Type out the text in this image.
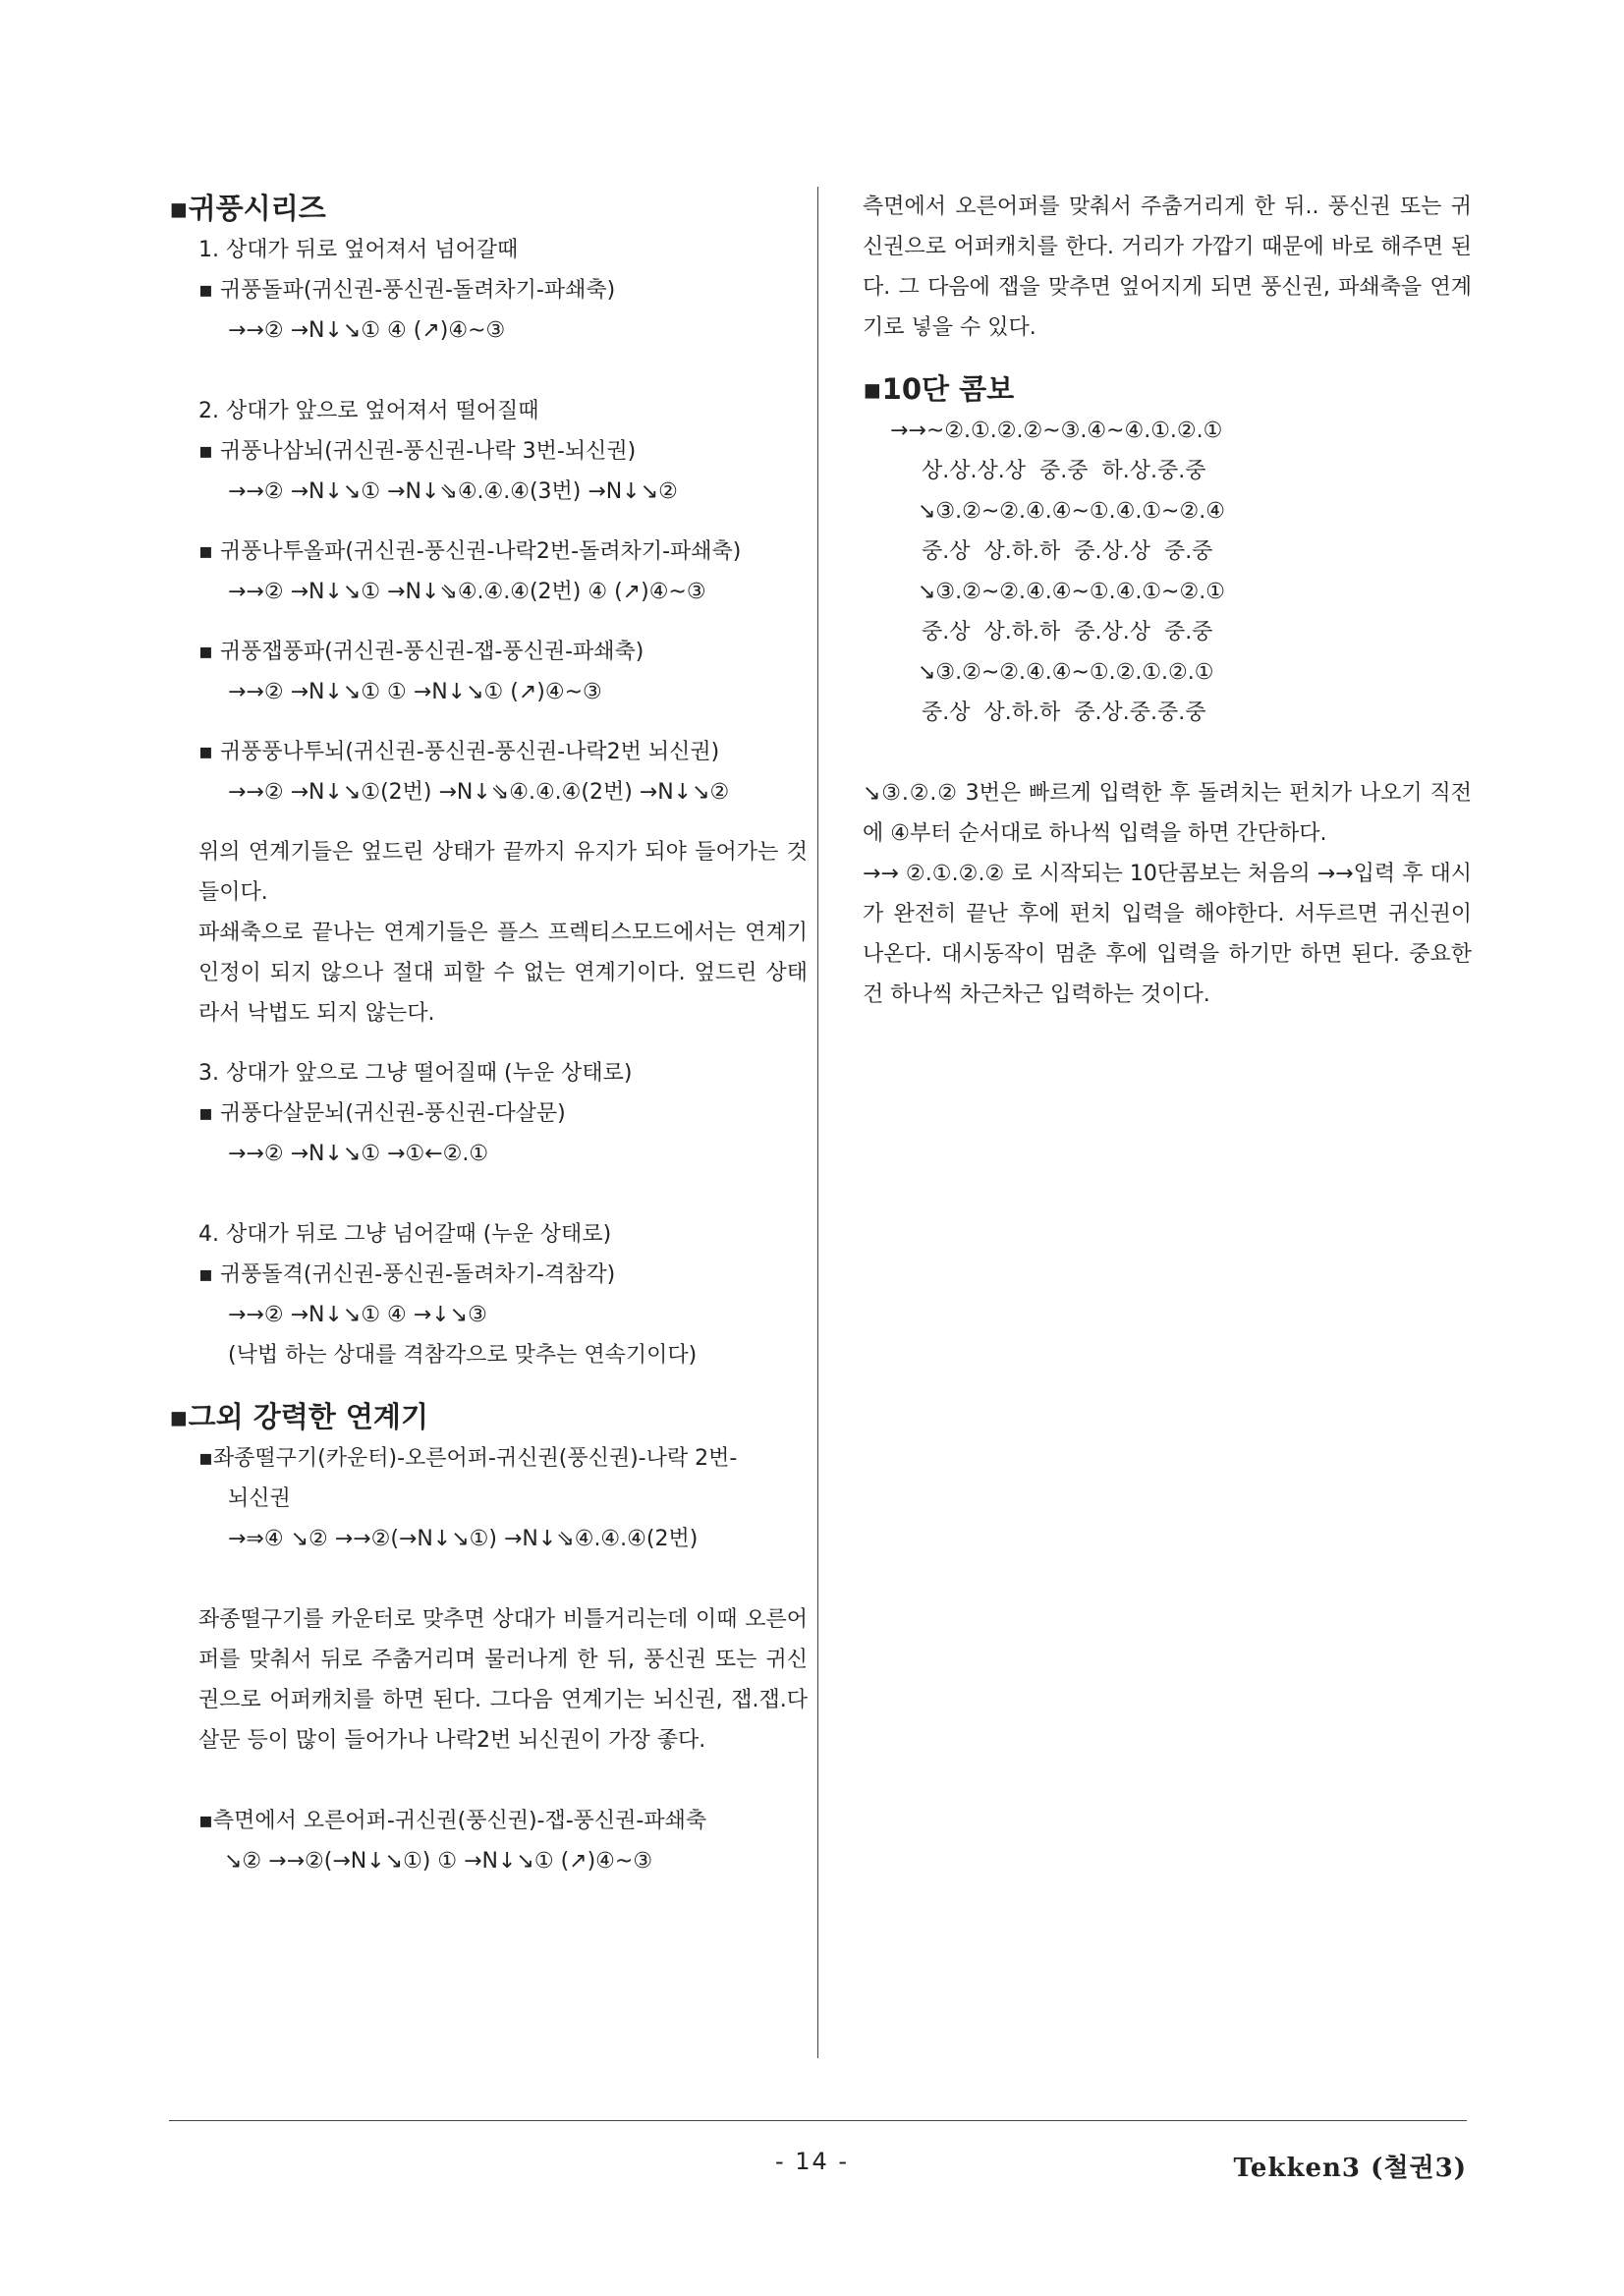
▪귀풍시리즈

1. 상대가 뒤로 엎어져서 넘어갈때

▪ 귀풍돌파(귀신권-풍신권-돌려차기-파쇄축)

→→② →N↓↘① ④ (↗)④~③

2. 상대가 앞으로 엎어져서 떨어질때

▪ 귀풍나삼뇌(귀신권-풍신권-나락 3번-뇌신권)

→→② →N↓↘① →N↓⇘④.④.④(3번) →N↓↘②

▪ 귀풍나투올파(귀신권-풍신권-나락2번-돌려차기-파쇄축)

→→② →N↓↘① →N↓⇘④.④.④(2번) ④ (↗)④~③

▪ 귀풍잽풍파(귀신권-풍신권-잽-풍신권-파쇄축)

→→② →N↓↘① ① →N↓↘① (↗)④~③

▪ 귀풍풍나투뇌(귀신권-풍신권-풍신권-나락2번 뇌신권)

→→② →N↓↘①(2번) →N↓⇘④.④.④(2번) →N↓↘②

위의 연계기들은 엎드린 상태가 끝까지 유지가 되야 들어가는 것들이다.

파쇄축으로 끝나는 연계기들은 플스 프렉티스모드에서는 연계기 인정이 되지 않으나 절대 피할 수 없는 연계기이다. 엎드린 상태라서 낙법도 되지 않는다.

3. 상대가 앞으로 그냥 떨어질때 (누운 상태로)

▪ 귀풍다살문뇌(귀신권-풍신권-다살문)

→→② →N↓↘① →①←②.①

4. 상대가 뒤로 그냥 넘어갈때 (누운 상태로)

▪ 귀풍돌격(귀신권-풍신권-돌려차기-격참각)

→→② →N↓↘① ④ →↓↘③

(낙법 하는 상대를 격참각으로 맞추는 연속기이다)

▪그외 강력한 연계기

▪좌종떨구기(카운터)-오른어퍼-귀신권(풍신권)-나락 2번-

뇌신권

→⇒④ ↘② →→②(→N↓↘①) →N↓⇘④.④.④(2번)

좌종떨구기를 카운터로 맞추면 상대가 비틀거리는데 이때 오른어퍼를 맞춰서 뒤로 주춤거리며 물러나게 한 뒤, 풍신권 또는 귀신권으로 어퍼캐치를 하면 된다. 그다음 연계기는 뇌신권, 잽.잽.다살문 등이 많이 들어가나 나락2번 뇌신권이 가장 좋다.

▪측면에서 오른어퍼-귀신권(풍신권)-잽-풍신권-파쇄축

↘② →→②(→N↓↘①) ① →N↓↘① (↗)④~③

측면에서 오른어퍼를 맞춰서 주춤거리게 한 뒤.. 풍신권 또는 귀신권으로 어퍼캐치를 한다. 거리가 가깝기 때문에 바로 해주면 된다. 그 다음에 잽을 맞추면 엎어지게 되면 풍신권, 파쇄축을 연계기로 넣을 수 있다.

▪10단 콤보

→→~②.①.②.②~③.④~④.①.②.①

상.상.상.상  중.중  하.상.중.중

↘③.②~②.④.④~①.④.①~②.④

중.상  상.하.하  중.상.상  중.중

↘③.②~②.④.④~①.④.①~②.①

중.상  상.하.하  중.상.상  중.중

↘③.②~②.④.④~①.②.①.②.①

중.상  상.하.하  중.상.중.중.중

↘③.②.② 3번은 빠르게 입력한 후 돌려치는 펀치가 나오기 직전에 ④부터 순서대로 하나씩 입력을 하면 간단하다.

→→ ②.①.②.② 로 시작되는 10단콤보는 처음의 →→입력 후 대시가 완전히 끝난 후에 펀치 입력을 해야한다. 서두르면 귀신권이 나온다. 대시동작이 멈춘 후에 입력을 하기만 하면 된다. 중요한건 하나씩 차근차근 입력하는 것이다.

- 14 -	Tekken3 (철권3)
